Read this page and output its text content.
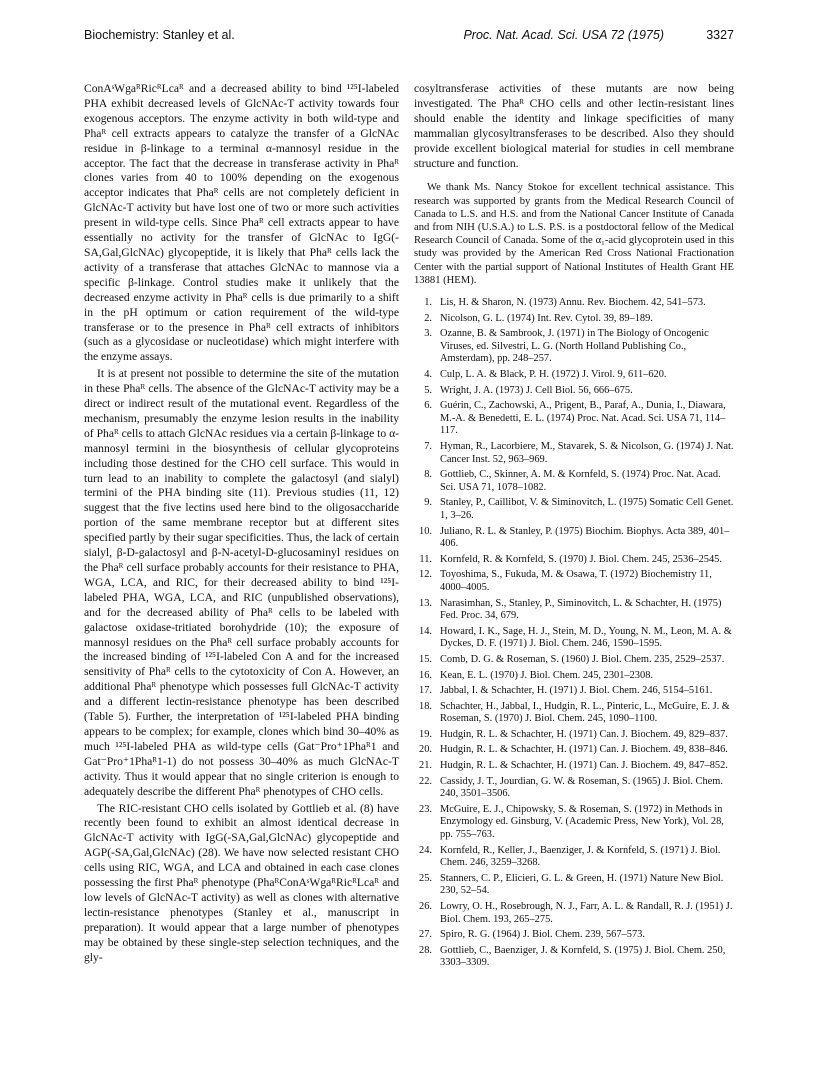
Biochemistry: Stanley et al.	Proc. Nat. Acad. Sci. USA 72 (1975)	3327

ConAˢWgaᴿRicᴿLcaᴿ and a decreased ability to bind ¹²⁵I-labeled PHA exhibit decreased levels of GlcNAc-T activity towards four exogenous acceptors. The enzyme activity in both wild-type and Phaᴿ cell extracts appears to catalyze the transfer of a GlcNAc residue in β-linkage to a terminal α-mannosyl residue in the acceptor. The fact that the decrease in transferase activity in Phaᴿ clones varies from 40 to 100% depending on the exogenous acceptor indicates that Phaᴿ cells are not completely deficient in GlcNAc-T activity but have lost one of two or more such activities present in wild-type cells. Since Phaᴿ cell extracts appear to have essentially no activity for the transfer of GlcNAc to IgG(-SA,Gal,GlcNAc) glycopeptide, it is likely that Phaᴿ cells lack the activity of a transferase that attaches GlcNAc to mannose via a specific β-linkage. Control studies make it unlikely that the decreased enzyme activity in Phaᴿ cells is due primarily to a shift in the pH optimum or cation requirement of the wild-type transferase or to the presence in Phaᴿ cell extracts of inhibitors (such as a glycosidase or nucleotidase) which might interfere with the enzyme assays.

It is at present not possible to determine the site of the mutation in these Phaᴿ cells. The absence of the GlcNAc-T activity may be a direct or indirect result of the mutational event. Regardless of the mechanism, presumably the enzyme lesion results in the inability of Phaᴿ cells to attach GlcNAc residues via a certain β-linkage to α-mannosyl termini in the biosynthesis of cellular glycoproteins including those destined for the CHO cell surface. This would in turn lead to an inability to complete the galactosyl (and sialyl) termini of the PHA binding site (11). Previous studies (11, 12) suggest that the five lectins used here bind to the oligosaccharide portion of the same membrane receptor but at different sites specified partly by their sugar specificities. Thus, the lack of certain sialyl, β-D-galactosyl and β-N-acetyl-D-glucosaminyl residues on the Phaᴿ cell surface probably accounts for their resistance to PHA, WGA, LCA, and RIC, for their decreased ability to bind ¹²⁵I-labeled PHA, WGA, LCA, and RIC (unpublished observations), and for the decreased ability of Phaᴿ cells to be labeled with galactose oxidase-tritiated borohydride (10); the exposure of mannosyl residues on the Phaᴿ cell surface probably accounts for the increased binding of ¹²⁵I-labeled Con A and for the increased sensitivity of Phaᴿ cells to the cytotoxicity of Con A. However, an additional Phaᴿ phenotype which possesses full GlcNAc-T activity and a different lectin-resistance phenotype has been described (Table 5). Further, the interpretation of ¹²⁵I-labeled PHA binding appears to be complex; for example, clones which bind 30–40% as much ¹²⁵I-labeled PHA as wild-type cells (Gat⁻Pro⁺1Phaᴿ1 and Gat⁻Pro⁺1Phaᴿ1-1) do not possess 30–40% as much GlcNAc-T activity. Thus it would appear that no single criterion is enough to adequately describe the different Phaᴿ phenotypes of CHO cells.

The RIC-resistant CHO cells isolated by Gottlieb et al. (8) have recently been found to exhibit an almost identical decrease in GlcNAc-T activity with IgG(-SA,Gal,GlcNAc) glycopeptide and AGP(-SA,Gal,GlcNAc) (28). We have now selected resistant CHO cells using RIC, WGA, and LCA and obtained in each case clones possessing the first Phaᴿ phenotype (PhaᴿConAˢWgaᴿRicᴿLcaᴿ and low levels of GlcNAc-T activity) as well as clones with alternative lectin-resistance phenotypes (Stanley et al., manuscript in preparation). It would appear that a large number of phenotypes may be obtained by these single-step selection techniques, and the gly-

cosyltransferase activities of these mutants are now being investigated. The Phaᴿ CHO cells and other lectin-resistant lines should enable the identity and linkage specificities of many mammalian glycosyltransferases to be described. Also they should provide excellent biological material for studies in cell membrane structure and function.

We thank Ms. Nancy Stokoe for excellent technical assistance. This research was supported by grants from the Medical Research Council of Canada to L.S. and H.S. and from the National Cancer Institute of Canada and from NIH (U.S.A.) to L.S. P.S. is a postdoctoral fellow of the Medical Research Council of Canada. Some of the α₁-acid glycoprotein used in this study was provided by the American Red Cross National Fractionation Center with the partial support of National Institutes of Health Grant HE 13881 (HEM).

1. Lis, H. & Sharon, N. (1973) Annu. Rev. Biochem. 42, 541–573.
2. Nicolson, G. L. (1974) Int. Rev. Cytol. 39, 89–189.
3. Ozanne, B. & Sambrook, J. (1971) in The Biology of Oncogenic Viruses, ed. Silvestri, L. G. (North Holland Publishing Co., Amsterdam), pp. 248–257.
4. Culp, L. A. & Black, P. H. (1972) J. Virol. 9, 611–620.
5. Wright, J. A. (1973) J. Cell Biol. 56, 666–675.
6. Guérin, C., Zachowski, A., Prigent, B., Paraf, A., Dunia, I., Diawara, M.-A. & Benedetti, E. L. (1974) Proc. Nat. Acad. Sci. USA 71, 114–117.
7. Hyman, R., Lacorbiere, M., Stavarek, S. & Nicolson, G. (1974) J. Nat. Cancer Inst. 52, 963–969.
8. Gottlieb, C., Skinner, A. M. & Kornfeld, S. (1974) Proc. Nat. Acad. Sci. USA 71, 1078–1082.
9. Stanley, P., Caillibot, V. & Siminovitch, L. (1975) Somatic Cell Genet. 1, 3–26.
10. Juliano, R. L. & Stanley, P. (1975) Biochim. Biophys. Acta 389, 401–406.
11. Kornfeld, R. & Kornfeld, S. (1970) J. Biol. Chem. 245, 2536–2545.
12. Toyoshima, S., Fukuda, M. & Osawa, T. (1972) Biochemistry 11, 4000–4005.
13. Narasimhan, S., Stanley, P., Siminovitch, L. & Schachter, H. (1975) Fed. Proc. 34, 679.
14. Howard, I. K., Sage, H. J., Stein, M. D., Young, N. M., Leon, M. A. & Dyckes, D. F. (1971) J. Biol. Chem. 246, 1590–1595.
15. Comb, D. G. & Roseman, S. (1960) J. Biol. Chem. 235, 2529–2537.
16. Kean, E. L. (1970) J. Biol. Chem. 245, 2301–2308.
17. Jabbal, I. & Schachter, H. (1971) J. Biol. Chem. 246, 5154–5161.
18. Schachter, H., Jabbal, I., Hudgin, R. L., Pinteric, L., McGuire, E. J. & Roseman, S. (1970) J. Biol. Chem. 245, 1090–1100.
19. Hudgin, R. L. & Schachter, H. (1971) Can. J. Biochem. 49, 829–837.
20. Hudgin, R. L. & Schachter, H. (1971) Can. J. Biochem. 49, 838–846.
21. Hudgin, R. L. & Schachter, H. (1971) Can. J. Biochem. 49, 847–852.
22. Cassidy, J. T., Jourdian, G. W. & Roseman, S. (1965) J. Biol. Chem. 240, 3501–3506.
23. McGuire, E. J., Chipowsky, S. & Roseman, S. (1972) in Methods in Enzymology ed. Ginsburg, V. (Academic Press, New York), Vol. 28, pp. 755–763.
24. Kornfeld, R., Keller, J., Baenziger, J. & Kornfeld, S. (1971) J. Biol. Chem. 246, 3259–3268.
25. Stanners, C. P., Elicieri, G. L. & Green, H. (1971) Nature New Biol. 230, 52–54.
26. Lowry, O. H., Rosebrough, N. J., Farr, A. L. & Randall, R. J. (1951) J. Biol. Chem. 193, 265–275.
27. Spiro, R. G. (1964) J. Biol. Chem. 239, 567–573.
28. Gottlieb, C., Baenziger, J. & Kornfeld, S. (1975) J. Biol. Chem. 250, 3303–3309.
